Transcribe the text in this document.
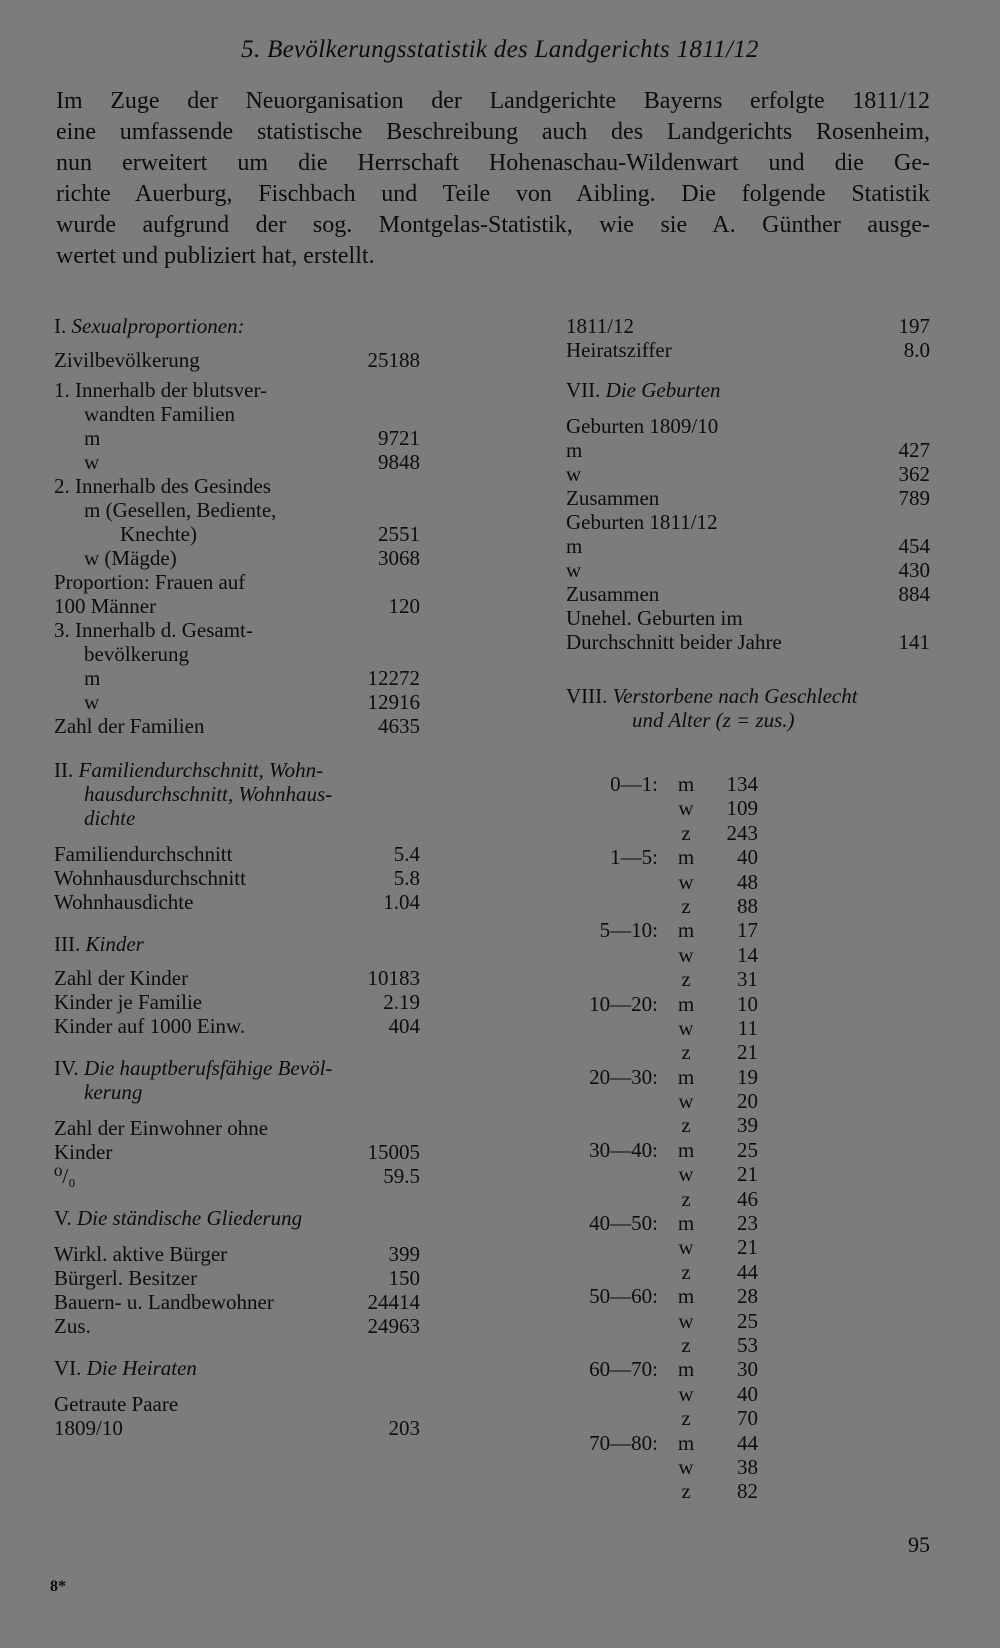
5. Bevölkerungsstatistik des Landgerichts 1811/12
Im Zuge der Neuorganisation der Landgerichte Bayerns erfolgte 1811/12
eine umfassende statistische Beschreibung auch des Landgerichts Rosenheim,
nun erweitert um die Herrschaft Hohenaschau-Wildenwart und die Ge-
richte Auerburg, Fischbach und Teile von Aibling. Die folgende Statistik
wurde aufgrund der sog. Montgelas-Statistik, wie sie A. Günther ausge-
wertet und publiziert hat, erstellt.
I. Sexualproportionen:
Zivilbevölkerung	25188
1. Innerhalb der blutsver-
wandten Familien
m	9721
w	9848
2. Innerhalb des Gesindes
m (Gesellen, Bediente,
Knechte)	2551
w (Mägde)	3068
Proportion: Frauen auf
100 Männer	120
3. Innerhalb d. Gesamt-
bevölkerung
m	12272
w	12916
Zahl der Familien	4635
II. Familiendurchschnitt, Wohn-
hausdurchschnitt, Wohnhaus-
dichte
Familiendurchschnitt	5.4
Wohnhausdurchschnitt	5.8
Wohnhausdichte	1.04
III. Kinder
Zahl der Kinder	10183
Kinder je Familie	2.19
Kinder auf 1000 Einw.	404
IV. Die hauptberufsfähige Bevöl-
kerung
Zahl der Einwohner ohne
Kinder	15005
⁰/₀	59.5
V. Die ständische Gliederung
Wirkl. aktive Bürger	399
Bürgerl. Besitzer	150
Bauern- u. Landbewohner	24414
Zus.	24963
VI. Die Heiraten
Getraute Paare
1809/10	203
1811/12	197
Heiratsziffer	8.0
VII. Die Geburten
Geburten 1809/10
m	427
w	362
Zusammen	789
Geburten 1811/12
m	454
w	430
Zusammen	884
Unehel. Geburten im
Durchschnitt beider Jahre	141
VIII. Verstorbene nach Geschlecht
und Alter (z = zus.)
0—1: m	134
w	109
z	243
1—5: m	40
w	48
z	88
5—10: m	17
w	14
z	31
10—20: m	10
w	11
z	21
20—30: m	19
w	20
z	39
30—40: m	25
w	21
z	46
40—50: m	23
w	21
z	44
50—60: m	28
w	25
z	53
60—70: m	30
w	40
z	70
70—80: m	44
w	38
z	82
95
8*
